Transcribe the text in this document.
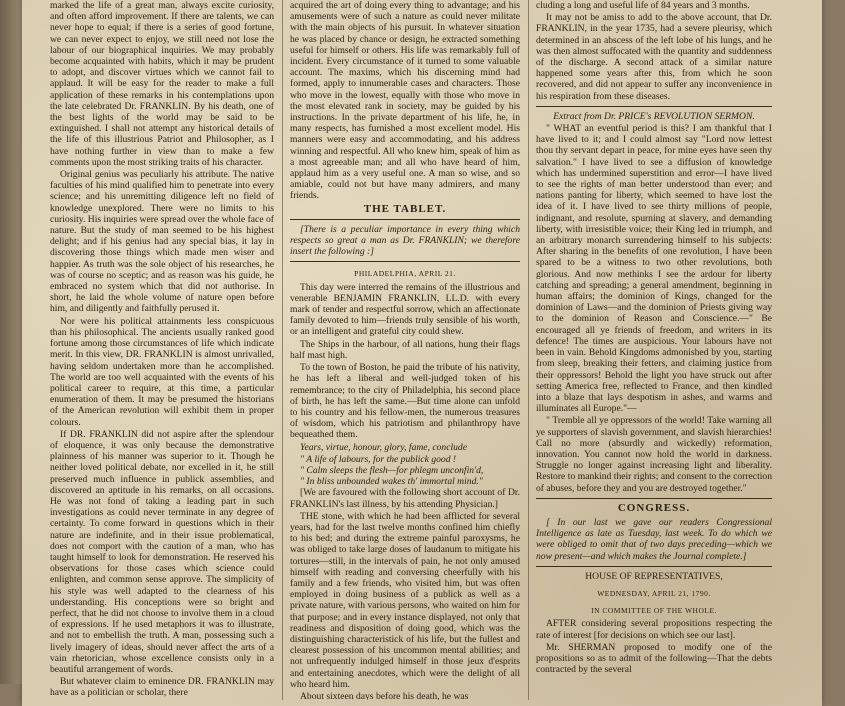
marked the life of a great man, always excite curiosity, and often afford improvement. If there are talents, we can never hope to equal; if there is a series of good fortune, we can never expect to enjoy, we still need not lose the labour of our biographical inquiries. We may probably become acquainted with habits, which it may be prudent to adopt, and discover virtues which we cannot fail to applaud. It will be easy for the reader to make a full application of these remarks in his contemplations upon the late celebrated Dr. FRANKLIN. By his death, one of the best lights of the world may be said to be extinguished. I shall not attempt any historical details of the life of this illustrious Patriot and Philosopher, as I have nothing further in view than to make a few comments upon the most striking traits of his character.

Original genius was peculiarly his attribute. The native faculties of his mind qualified him to penetrate into every science; and his unremitting diligence left no field of knowledge unexplored. There were no limits to his curiosity. His inquiries were spread over the whole face of nature. But the study of man seemed to be his highest delight; and if his genius had any special bias, it lay in discovering those things which made men wiser and happier. As truth was the sole object of his researches, he was of course no sceptic; and as reason was his guide, he embraced no system which that did not authorise. In short, he laid the whole volume of nature open before him, and diligently and faithfully perused it.

Nor were his political attainments less conspicuous than his philosophical. The ancients usually ranked good fortune among those circumstances of life which indicate merit. In this view, DR. FRANKLIN is almost unrivalled, having seldom undertaken more than he accomplished. The world are too well acquainted with the events of his political career to require, at this time, a particular enumeration of them. It may be presumed the historians of the American revolution will exhibit them in proper colours.

If DR. FRANKLIN did not aspire after the splendour of eloquence, it was only because the demonstrative plainness of his manner was superior to it. Though he neither loved political debate, nor excelled in it, he still preserved much influence in publick assemblies, and discovered an aptitude in his remarks, on all occasions. He was not fond of taking a leading part in such investigations as could never terminate in any degree of certainty. To come forward in questions which in their nature are indefinite, and in their issue problematical, does not comport with the caution of a man, who has taught himself to look for demonstration. He reserved his observations for those cases which science could enlighten, and common sense approve. The simplicity of his style was well adapted to the clearness of his understanding. His conceptions were so bright and perfect, that he did not choose to involve them in a cloud of expressions. If he used metaphors it was to illustrate, and not to embellish the truth. A man, possessing such a lively imagery of ideas, should never affect the arts of a vain rhetorician, whose excellence consists only in a beautiful arrangement of words.

But whatever claim to eminence DR. FRANKLIN may have as a politician or scholar, there

acquired the art of doing every thing to advantage; and his amusements were of such a nature as could never militate with the main objects of his pursuit. In whatever situation he was placed by chance or design, he extracted something useful for himself or others. His life was remarkably full of incident. Every circumstance of it turned to some valuable account. The maxims, which his discerning mind had formed, apply to innumerable cases and characters. Those who move in the lowest, equally with those who move in the most elevated rank in society, may be guided by his instructions. In the private department of his life, he, in many respects, has furnished a most excellent model. His manners were easy and accommodating, and his address winning and respectful. All who knew him, speak of him as a most agreeable man; and all who have heard of him, applaud him as a very useful one. A man so wise, and so amiable, could not but have many admirers, and many friends.

THE TABLET.

[There is a peculiar importance in every thing which respects so great a man as Dr. FRANKLIN; we therefore insert the following :]

PHILADELPHIA, APRIL 21.

This day were interred the remains of the illustrious and venerable BENJAMIN FRANKLIN, LL.D. with every mark of tender and respectful sorrow, which an affectionate family devoted to him—friends truly sensible of his worth, or an intelligent and grateful city could shew.

The Ships in the harbour, of all nations, hung their flags half mast high.

To the town of Boston, he paid the tribute of his nativity, he has left a liberal and well-judged token of his remembrance; to the city of Philadelphia, his second place of birth, he has left the same.—But time alone can unfold to his country and his fellow-men, the numerous treasures of wisdom, which his patriotism and philanthropy have bequeathed them.

Years, virtue, honour, glory, fame, conclude

" A life of labours, for the publick good !

" Calm sleeps the flesh—for phlegm unconfin'd,

" In bliss unbounded wakes th' immortal mind."

[We are favoured with the following short account of Dr. FRANKLIN's last illness, by his attending Physician.]

THE stone, with which he had been afflicted for several years, had for the last twelve months confined him chiefly to his bed; and during the extreme painful paroxysms, he was obliged to take large doses of laudanum to mitigate his tortures—still, in the intervals of pain, he not only amused himself with reading and conversing cheerfully with his family and a few friends, who visited him, but was often employed in doing business of a publick as well as a private nature, with various persons, who waited on him for that purpose; and in every instance displayed, not only that readiness and disposition of doing good, which was the distinguishing characteristick of his life, but the fullest and clearest possession of his uncommon mental abilities; and not unfrequently indulged himself in those jeux d'esprits and entertaining anecdotes, which were the delight of all who heard him.

About sixteen days before his death, he was

cluding a long and useful life of 84 years and 3 months.

It may not be amiss to add to the above account, that Dr. FRANKLIN, in the year 1735, had a severe pleurisy, which determined in an abscess of the left lobe of his lungs, and he was then almost suffocated with the quantity and suddenness of the discharge. A second attack of a similar nature happened some years after this, from which he soon recovered, and did not appear to suffer any inconvenience in his respiration from these diseases.

Extract from Dr. PRICE's REVOLUTION SERMON.

" WHAT an eventful period is this? I am thankful that I have lived to it; and I could almost say "Lord now lettest thou thy servant depart in peace, for mine eyes have seen thy salvation." I have lived to see a diffusion of knowledge which has undermined superstition and error—I have lived to see the rights of man better understood than ever; and nations panting for liberty, which seemed to have lost the idea of it. I have lived to see thirty millions of people, indignant, and resolute, spurning at slavery, and demanding liberty, with irresistible voice; their King led in triumph, and an arbitrary monarch surrendering himself to his subjects: After sharing in the benefits of one revolution, I have been spared to be a witness to two other revolutions, both glorious. And now methinks I see the ardour for liberty catching and spreading; a general amendment, beginning in human affairs; the dominion of Kings, changed for the dominion of Laws—and the dominion of Priests giving way to the dominion of Reason and Conscience.—" Be encouraged all ye friends of freedom, and writers in its defence! The times are auspicious. Your labours have not been in vain. Behold Kingdoms admonished by you, starting from sleep, breaking their fetters, and claiming justice from their oppressors! Behold the light you have struck out after setting America free, reflected to France, and then kindled into a blaze that lays despotism in ashes, and warms and illuminates all Europe."—

" Tremble all ye oppressors of the world! Take warning all ye supporters of slavish government, and slavish hierarchies! Call no more (absurdly and wickedly) reformation, innovation. You cannot now hold the world in darkness. Struggle no longer against increasing light and liberality. Restore to mankind their rights; and consent to the correction of abuses, before they and you are destroyed together."

CONGRESS.

[ In our last we gave our readers Congressional Intelligence as late as Tuesday, last week. To do which we were obliged to omit that of two days preceding—which we now present—and which makes the Journal complete.]

HOUSE OF REPRESENTATIVES,

WEDNESDAY, APRIL 21, 1790.

IN COMMITTEE OF THE WHOLE.

AFTER considering several propositions respecting the rate of interest [for decisions on which see our last].

Mr. SHERMAN proposed to modify one of the propositions so as to admit of the following—That the debts contracted by the several
